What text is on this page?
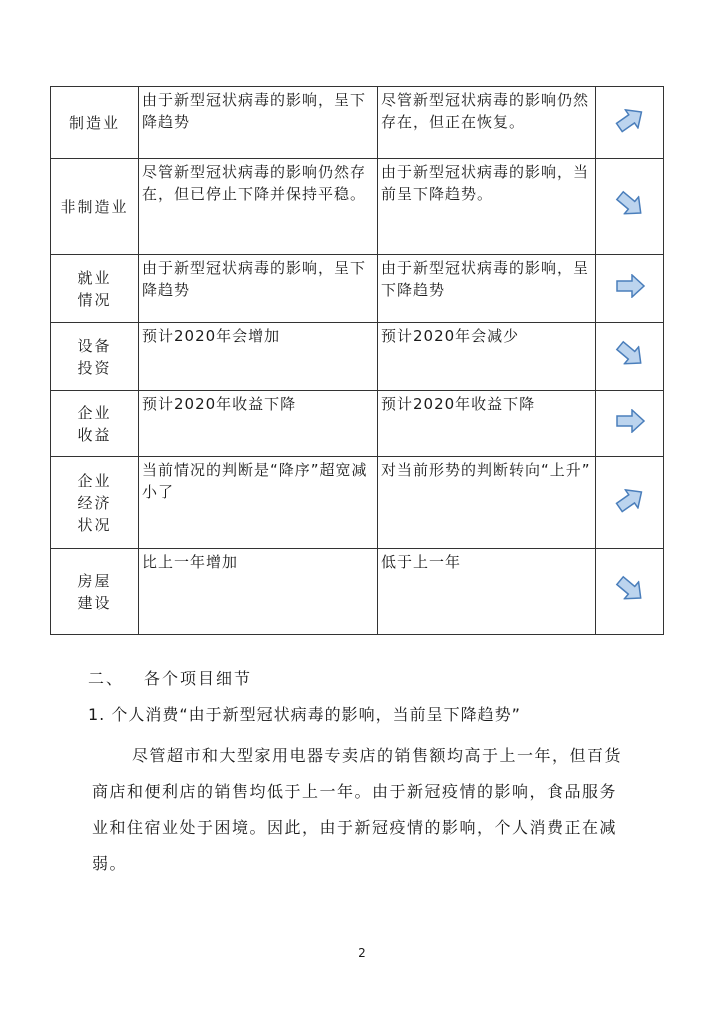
制造业	由于新型冠状病毒的影响，呈下降趋势	尽管新型冠状病毒的影响仍然存在，但正在恢复。	

非制造业	尽管新型冠状病毒的影响仍然存在，但已停止下降并保持平稳。	由于新型冠状病毒的影响，当前呈下降趋势。	

就业
情况	由于新型冠状病毒的影响，呈下降趋势	由于新型冠状病毒的影响，呈下降趋势	

设备
投资	预计2020年会增加	预计2020年会减少	

企业
收益	预计2020年收益下降	预计2020年收益下降	

企业
经济
状况	当前情况的判断是“降序”超宽减小了	对当前形势的判断转向“上升”	

房屋
建设	比上一年增加	低于上一年	
二、 各个项目细节
1. 个人消费“由于新型冠状病毒的影响，当前呈下降趋势”

尽管超市和大型家用电器专卖店的销售额均高于上一年，但百货商店和便利店的销售均低于上一年。由于新冠疫情的影响，食品服务业和住宿业处于困境。因此，由于新冠疫情的影响，个人消费正在减弱。

2
